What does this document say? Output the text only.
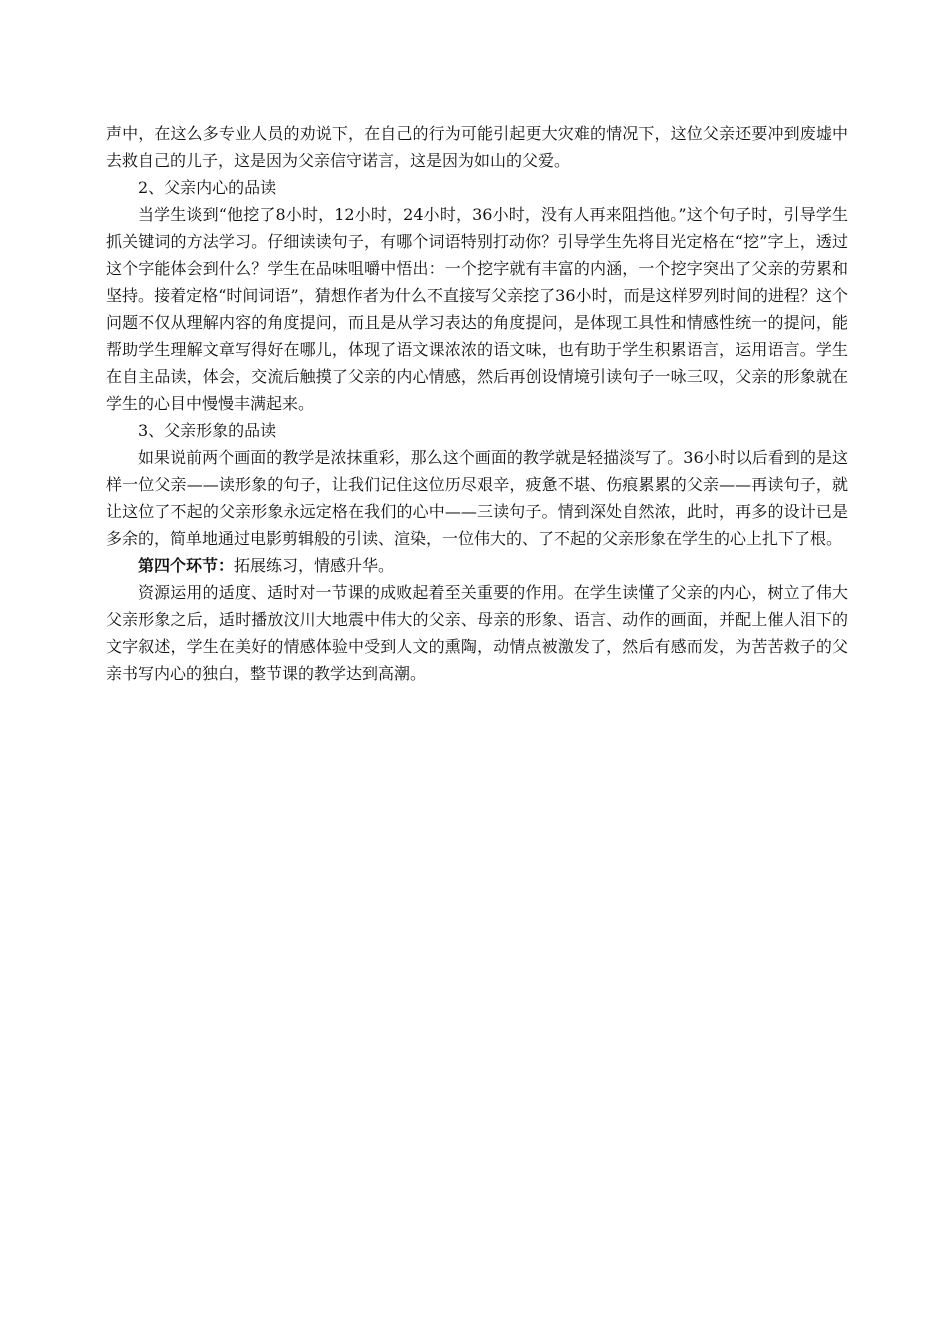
声中，在这么多专业人员的劝说下，在自己的行为可能引起更大灾难的情况下，这位父亲还要冲到废墟中去救自己的儿子，这是因为父亲信守诺言，这是因为如山的父爱。

2、父亲内心的品读

当学生谈到“他挖了8小时，12小时，24小时，36小时，没有人再来阻挡他。”这个句子时，引导学生抓关键词的方法学习。仔细读读句子，有哪个词语特别打动你？引导学生先将目光定格在“挖”字上，透过这个字能体会到什么？学生在品味咀嚼中悟出：一个挖字就有丰富的内涵，一个挖字突出了父亲的劳累和坚持。接着定格“时间词语”，猜想作者为什么不直接写父亲挖了36小时，而是这样罗列时间的进程？这个问题不仅从理解内容的角度提问，而且是从学习表达的角度提问，是体现工具性和情感性统一的提问，能帮助学生理解文章写得好在哪儿，体现了语文课浓浓的语文味，也有助于学生积累语言，运用语言。学生在自主品读，体会，交流后触摸了父亲的内心情感，然后再创设情境引读句子一咏三叹，父亲的形象就在学生的心目中慢慢丰满起来。

3、父亲形象的品读

如果说前两个画面的教学是浓抹重彩，那么这个画面的教学就是轻描淡写了。36小时以后看到的是这样一位父亲——读形象的句子，让我们记住这位历尽艰辛，疲惫不堪、伤痕累累的父亲——再读句子，就让这位了不起的父亲形象永远定格在我们的心中——三读句子。情到深处自然浓，此时，再多的设计已是多余的，简单地通过电影剪辑般的引读、渲染，一位伟大的、了不起的父亲形象在学生的心上扎下了根。

第四个环节：拓展练习，情感升华。

资源运用的适度、适时对一节课的成败起着至关重要的作用。在学生读懂了父亲的内心，树立了伟大父亲形象之后，适时播放汶川大地震中伟大的父亲、母亲的形象、语言、动作的画面，并配上催人泪下的文字叙述，学生在美好的情感体验中受到人文的熏陶，动情点被激发了，然后有感而发，为苦苦救子的父亲书写内心的独白，整节课的教学达到高潮。
